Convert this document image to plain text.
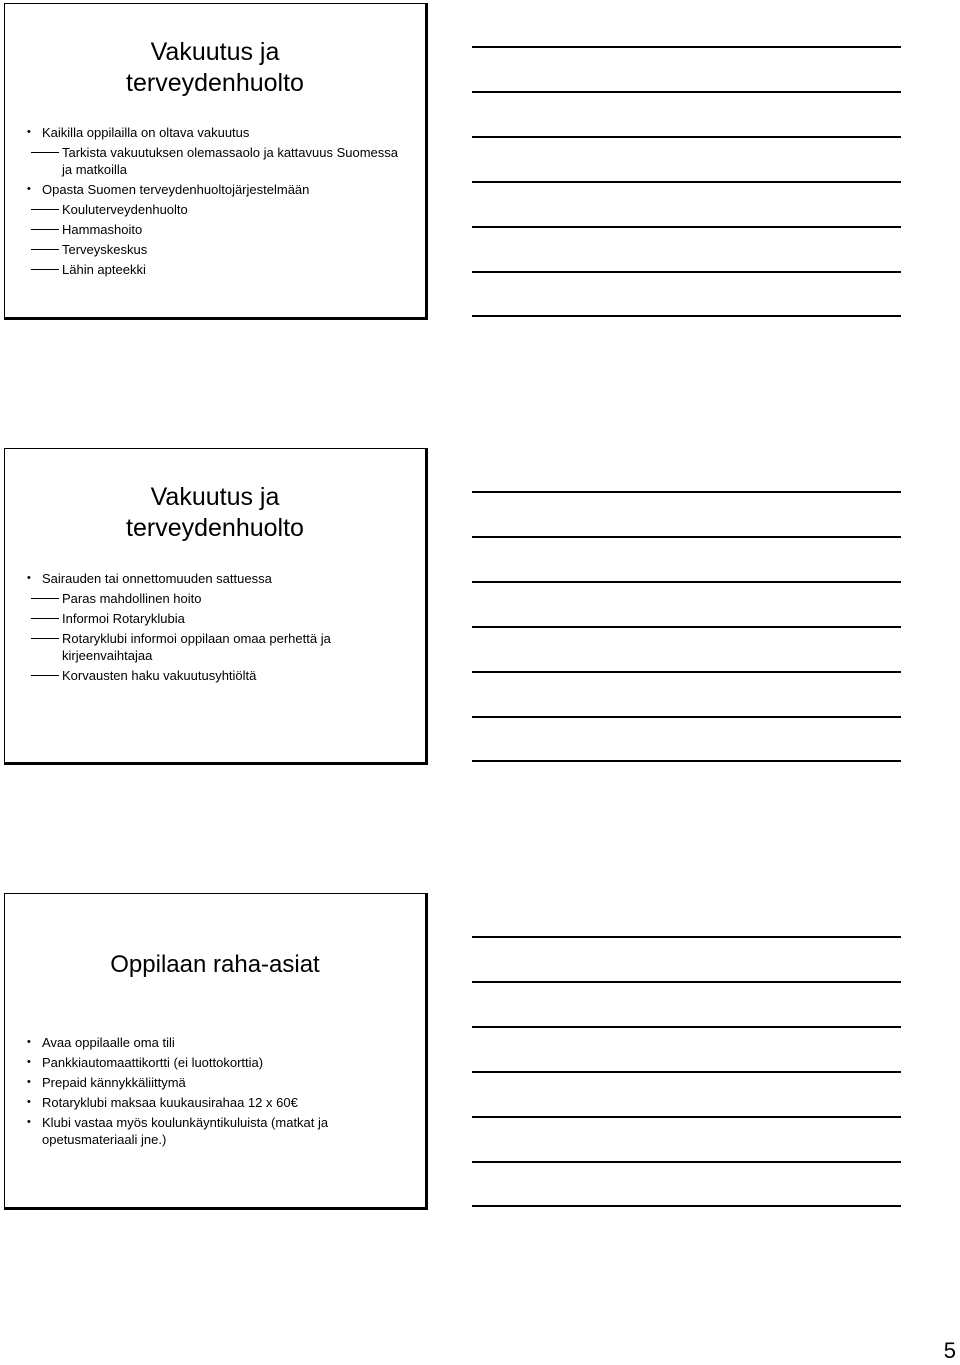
Vakuutus ja
terveydenhuolto
• Kaikilla oppilailla on oltava vakuutus
Tarkista vakuutuksen olemassaolo ja kattavuus Suomessa ja matkoilla
• Opasta Suomen terveydenhuoltojärjestelmään
Kouluterveydenhuolto
Hammashoito
Terveyskeskus
Lähin apteekki
Vakuutus ja
terveydenhuolto
• Sairauden tai onnettomuuden sattuessa
Paras mahdollinen hoito
Informoi Rotaryklubia
Rotaryklubi informoi oppilaan omaa perhettä ja kirjeenvaihtajaa
Korvausten haku vakuutusyhtiöltä
Oppilaan raha-asiat
• Avaa oppilaalle oma tili
• Pankkiautomaattikortti (ei luottokorttia)
• Prepaid kännykkäliittymä
• Rotaryklubi maksaa kuukausirahaa 12 x 60€
• Klubi vastaa myös koulunkäyntikuluista (matkat ja opetusmateriaali jne.)
5
